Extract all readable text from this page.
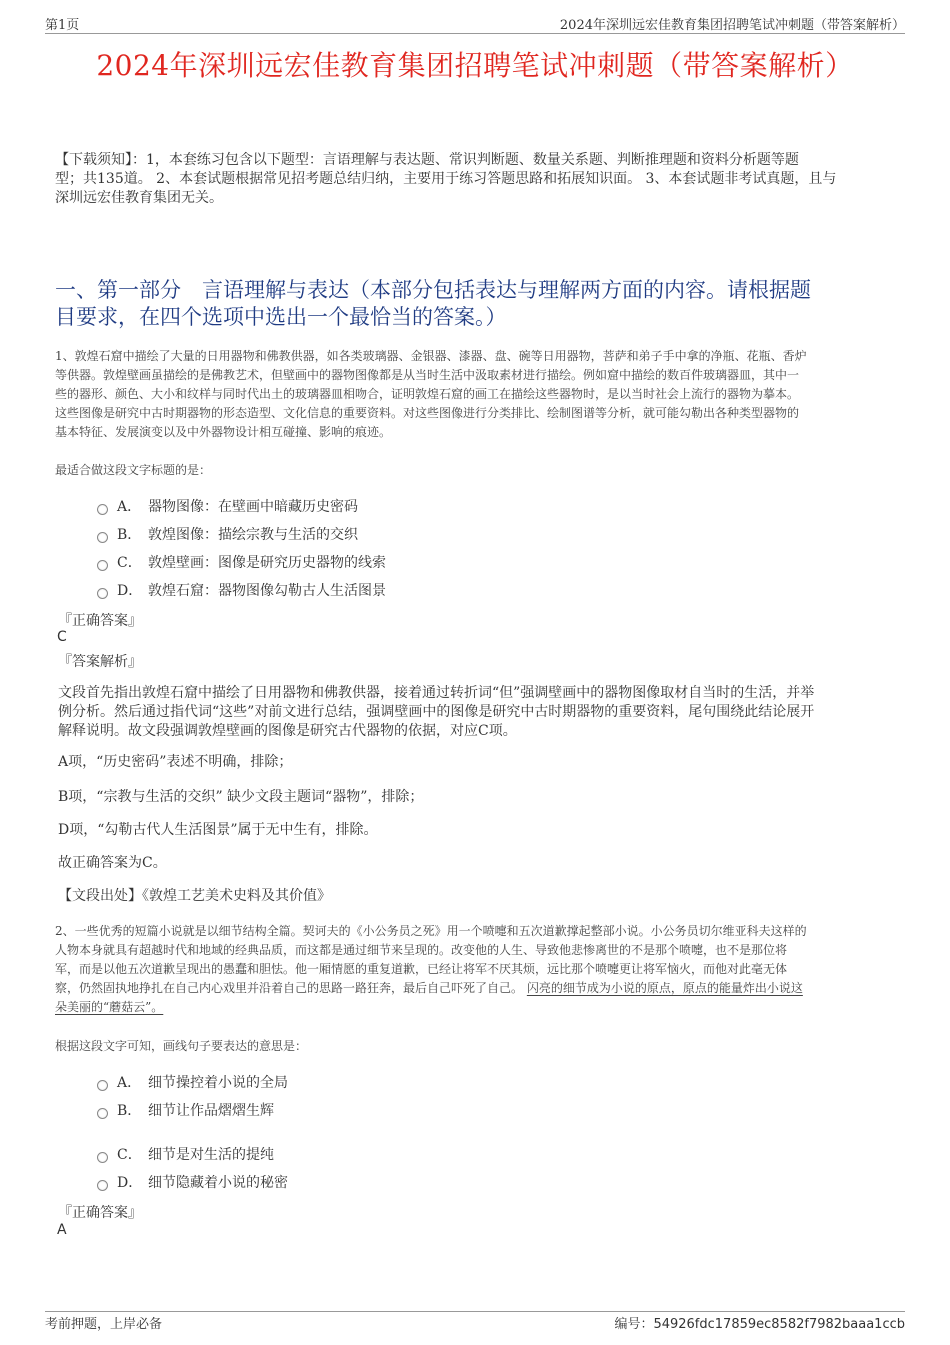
第1页	2024年深圳远宏佳教育集团招聘笔试冲刺题（带答案解析）
2024年深圳远宏佳教育集团招聘笔试冲刺题（带答案解析）
【下载须知】：1，本套练习包含以下题型：言语理解与表达题、常识判断题、数量关系题、判断推理题和资料分析题等题
型；共135道。 2、本套试题根据常见招考题总结归纳，主要用于练习答题思路和拓展知识面。 3、本套试题非考试真题，且与
深圳远宏佳教育集团无关。
一、第一部分　言语理解与表达（本部分包括表达与理解两方面的内容。请根据题
目要求，在四个选项中选出一个最恰当的答案。）
1、敦煌石窟中描绘了大量的日用器物和佛教供器，如各类玻璃器、金银器、漆器、盘、碗等日用器物，菩萨和弟子手中拿的净瓶、花瓶、香炉
等供器。敦煌壁画虽描绘的是佛教艺术，但壁画中的器物图像都是从当时生活中汲取素材进行描绘。例如窟中描绘的数百件玻璃器皿，其中一
些的器形、颜色、大小和纹样与同时代出土的玻璃器皿相吻合，证明敦煌石窟的画工在描绘这些器物时，是以当时社会上流行的器物为摹本。
这些图像是研究中古时期器物的形态造型、文化信息的重要资料。对这些图像进行分类排比、绘制图谱等分析，就可能勾勒出各种类型器物的
基本特征、发展演变以及中外器物设计相互碰撞、影响的痕迹。
最适合做这段文字标题的是：
A． 器物图像：在壁画中暗藏历史密码
B． 敦煌图像：描绘宗教与生活的交织
C． 敦煌壁画：图像是研究历史器物的线索
D． 敦煌石窟：器物图像勾勒古人生活图景
『正确答案』
C
『答案解析』
文段首先指出敦煌石窟中描绘了日用器物和佛教供器，接着通过转折词“但”强调壁画中的器物图像取材自当时的生活，并举
例分析。然后通过指代词“这些”对前文进行总结，强调壁画中的图像是研究中古时期器物的重要资料，尾句围绕此结论展开
解释说明。故文段强调敦煌壁画的图像是研究古代器物的依据，对应C项。
A项，“历史密码”表述不明确，排除；
B项，“宗教与生活的交织” 缺少文段主题词“器物”，排除；
D项，“勾勒古代人生活图景”属于无中生有，排除。
故正确答案为C。
【文段出处】《敦煌工艺美术史料及其价值》
2、一些优秀的短篇小说就是以细节结构全篇。契诃夫的《小公务员之死》用一个喷嚏和五次道歉撑起整部小说。小公务员切尔维亚科夫这样的
人物本身就具有超越时代和地域的经典品质，而这都是通过细节来呈现的。改变他的人生、导致他悲惨离世的不是那个喷嚏，也不是那位将
军，而是以他五次道歉呈现出的愚蠢和胆怯。他一厢情愿的重复道歉，已经让将军不厌其烦，远比那个喷嚏更让将军恼火，而他对此毫无体
察，仍然固执地挣扎在自己内心戏里并沿着自己的思路一路狂奔，最后自己吓死了自己。 闪亮的细节成为小说的原点，原点的能量炸出小说这
朵美丽的“蘑菇云”。
根据这段文字可知，画线句子要表达的意思是：
A． 细节操控着小说的全局
B． 细节让作品熠熠生辉
C． 细节是对生活的提纯
D． 细节隐藏着小说的秘密
『正确答案』
A
考前押题，上岸必备	编号：54926fdc17859ec8582f7982baaa1ccb
